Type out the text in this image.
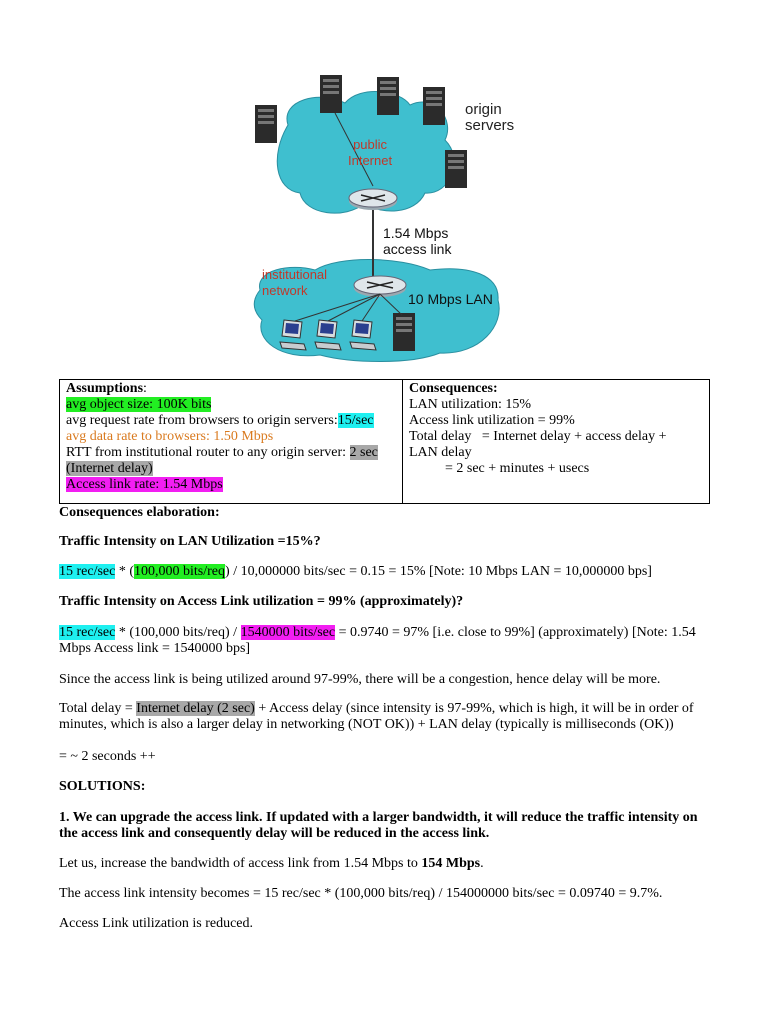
origin
servers
public
Internet
1.54 Mbps
access link
institutional
network
10 Mbps LAN
Assumptions:
avg object size: 100K bits
avg request rate from browsers to origin servers:15/sec
avg data rate to browsers: 1.50 Mbps
RTT from institutional router to any origin server: 2 sec
(Internet delay)
Access link rate: 1.54 Mbps

Consequences:
LAN utilization: 15%
Access link utilization = 99%
Total delay   = Internet delay + access delay +
LAN delay
= 2 sec + minutes + usecs
Consequences elaboration:
Traffic Intensity on LAN Utilization =15%?
15 rec/sec * (100,000 bits/req) / 10,000000 bits/sec = 0.15 = 15% [Note: 10 Mbps LAN = 10,000000 bps]
Traffic Intensity on Access Link utilization = 99% (approximately)?
15 rec/sec * (100,000 bits/req) / 1540000 bits/sec = 0.9740 = 97% [i.e. close to 99%] (approximately) [Note: 1.54 Mbps Access link = 1540000 bps]
Since the access link is being utilized around 97-99%, there will be a congestion, hence delay will be more.
Total delay = Internet delay (2 sec) + Access delay (since intensity is 97-99%, which is high, it will be in order of minutes, which is also a larger delay in networking (NOT OK)) + LAN delay (typically is milliseconds (OK))
= ~ 2 seconds ++
SOLUTIONS:
1. We can upgrade the access link. If updated with a larger bandwidth, it will reduce the traffic intensity on the access link and consequently delay will be reduced in the access link.
Let us, increase the bandwidth of access link from 1.54 Mbps to 154 Mbps.
The access link intensity becomes = 15 rec/sec * (100,000 bits/req) / 154000000 bits/sec = 0.09740 = 9.7%.
Access Link utilization is reduced.
